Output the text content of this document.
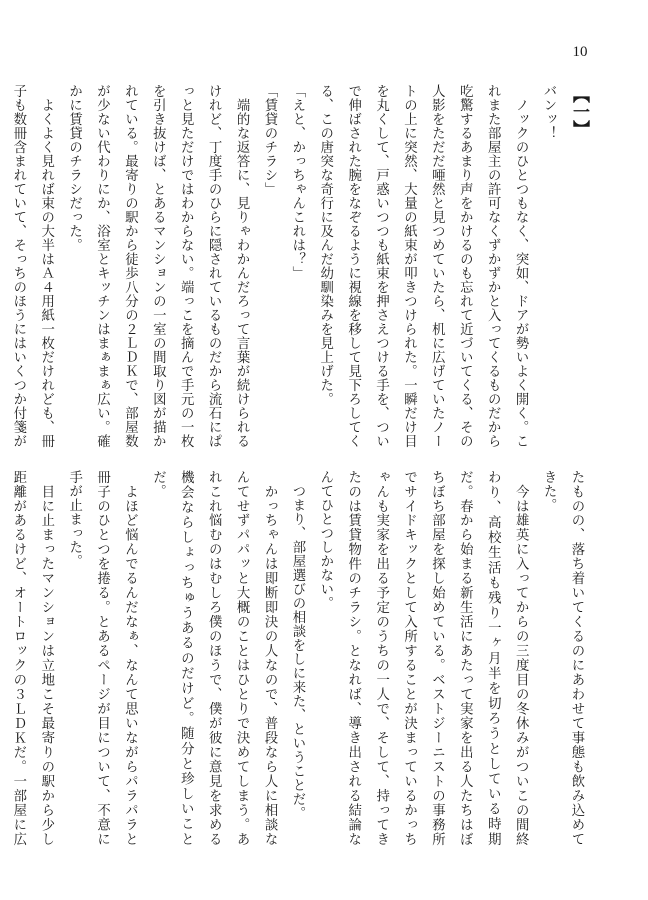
10
【一】

バンッ！

　ノックのひとつもなく、突如、ドアが勢いよく開く。これまた部屋主の許可なくずかずかと入ってくるものだから吃驚するあまり声をかけるのも忘れて近づいてくる、その人影をただだ唖然と見つめていたら、机に広げていたノートの上に突然、大量の紙束が叩きつけられた。一瞬だけ目を丸くして、戸惑いつつも紙束を押さえつける手を、ついで伸ばされた腕をなぞるように視線を移して見下ろしてくる、この唐突な奇行に及んだ幼馴染みを見上げた。

「えと、かっちゃんこれは？」

「賃貸のチラシ」

　端的な返答に、見りゃわかんだろって言葉が続けられるけれど、丁度手のひらに隠されているものだから流石にぱっと見ただけではわからない。端っこを摘んで手元の一枚を引き抜けば、とあるマンションの一室の間取り図が描かれている。最寄りの駅から徒歩八分の２ＬＤＫで、部屋数が少ない代わりにか、浴室とキッチンはまぁまぁ広い。確かに賃貸のチラシだった。

　よくよく見れば束の大半はＡ４用紙一枚だけれども、冊子も数冊含まれていて、そっちのほうにはいくつか付箋が

たものの、落ち着いてくるのにあわせて事態も飲み込めてきた。

　今は雄英に入ってからの三度目の冬休みがついこの間終わり、高校生活も残り一ヶ月半を切ろうとしている時期だ。春から始まる新生活にあたって実家を出る人たちはぼちぼち部屋を探し始めている。ベストジーニストの事務所でサイドキックとして入所することが決まっているかっちゃんも実家を出る予定のうちの一人で、そして、持ってきたのは賃貸物件のチラシ。となれば、導き出される結論なんてひとつしかない。

　つまり、部屋選びの相談をしに来た、ということだ。

　かっちゃんは即断即決の人なので、普段なら人に相談なんてせずパパッと大概のことはひとりで決めてしまう。あれこれ悩むのはむしろ僕のほうで、僕が彼に意見を求める機会ならしょっちゅうあるのだけど。随分と珍しいことだ。

　よほど悩んでるんだなぁ、なんて思いながらパラパラと冊子のひとつを捲る。とあるページが目について、不意に手が止まった。

　目に止まったマンションは立地こそ最寄りの駅から少し距離があるけど、オートロックの３ＬＤＫだ。一部屋に広
